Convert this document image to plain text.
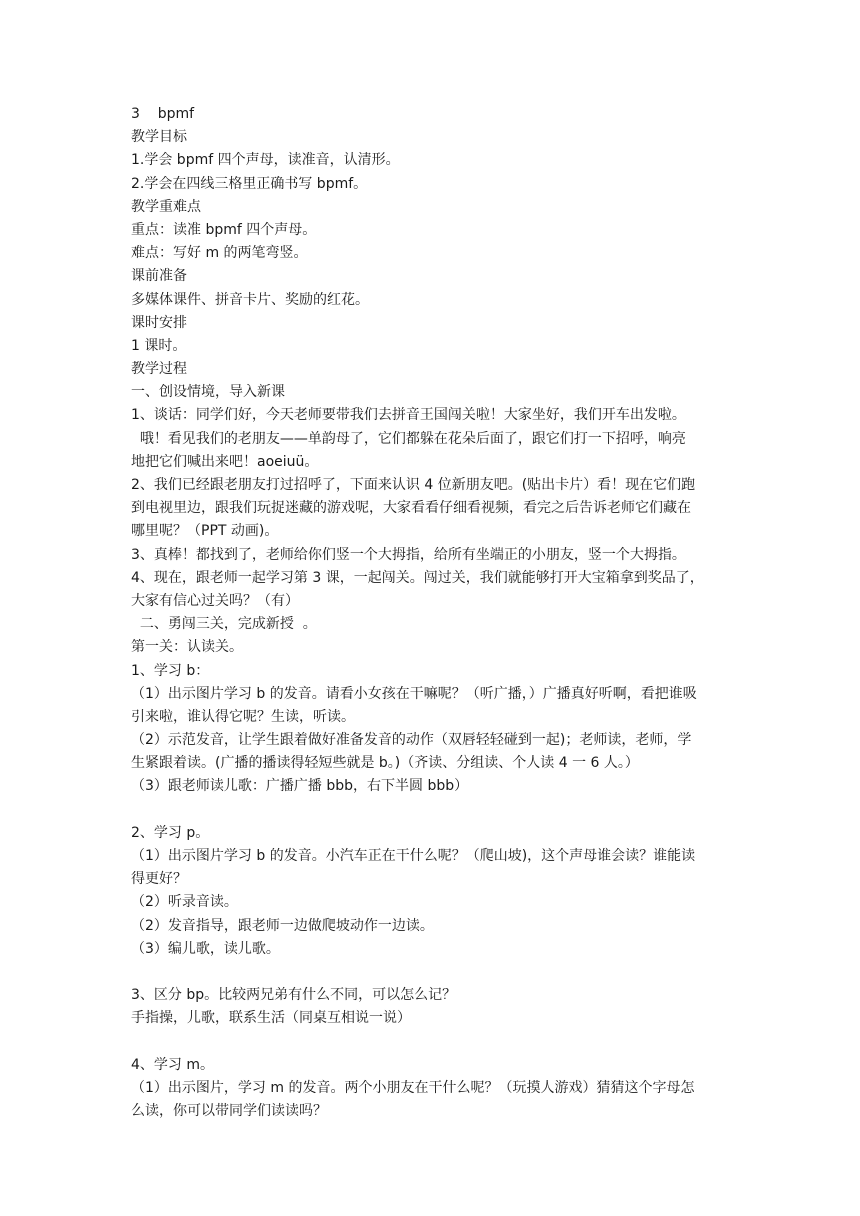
3    bpmf
教学目标
1.学会 bpmf 四个声母，读准音，认清形。
2.学会在四线三格里正确书写 bpmf。
教学重难点
重点：读准 bpmf 四个声母。
难点：写好 m 的两笔弯竖。
课前准备
多媒体课件、拼音卡片、奖励的红花。
课时安排
1 课时。
教学过程
一、创设情境，导入新课
1、谈话：同学们好，今天老师要带我们去拼音王国闯关啦！大家坐好，我们开车出发啦。
哦！看见我们的老朋友——单韵母了，它们都躲在花朵后面了，跟它们打一下招呼，响亮
地把它们喊出来吧！aoeiuü。
2、我们已经跟老朋友打过招呼了，下面来认识 4 位新朋友吧。(贴出卡片）看！现在它们跑
到电视里边，跟我们玩捉迷藏的游戏呢，大家看看仔细看视频，看完之后告诉老师它们藏在
哪里呢？（PPT 动画)。
3、真棒！都找到了，老师给你们竖一个大拇指，给所有坐端正的小朋友，竖一个大拇指。
4、现在，跟老师一起学习第 3 课，一起闯关。闯过关，我们就能够打开大宝箱拿到奖品了，
大家有信心过关吗？（有）
二、勇闯三关，完成新授  。
第一关：认读关。
1、学习 b：
（1）出示图片学习 b 的发音。请看小女孩在干嘛呢？（听广播，）广播真好听啊，看把谁吸
引来啦，谁认得它呢？生读，听读。
（2）示范发音，让学生跟着做好准备发音的动作（双唇轻轻碰到一起)；老师读，老师，学
生紧跟着读。(广播的播读得轻短些就是 b。)（齐读、分组读、个人读 4 一 6 人。）
（3）跟老师读儿歌：广播广播 bbb，右下半圆 bbb）
2、学习 p。
（1）出示图片学习 b 的发音。小汽车正在干什么呢？（爬山坡)，这个声母谁会读？谁能读
得更好？
（2）听录音读。
（2）发音指导，跟老师一边做爬坡动作一边读。
（3）编儿歌，读儿歌。
3、区分 bp。比较两兄弟有什么不同，可以怎么记？
手指操，儿歌，联系生活（同桌互相说一说）
4、学习 m。
（1）出示图片，学习 m 的发音。两个小朋友在干什么呢？（玩摸人游戏）猜猜这个字母怎
么读，你可以带同学们读读吗？
